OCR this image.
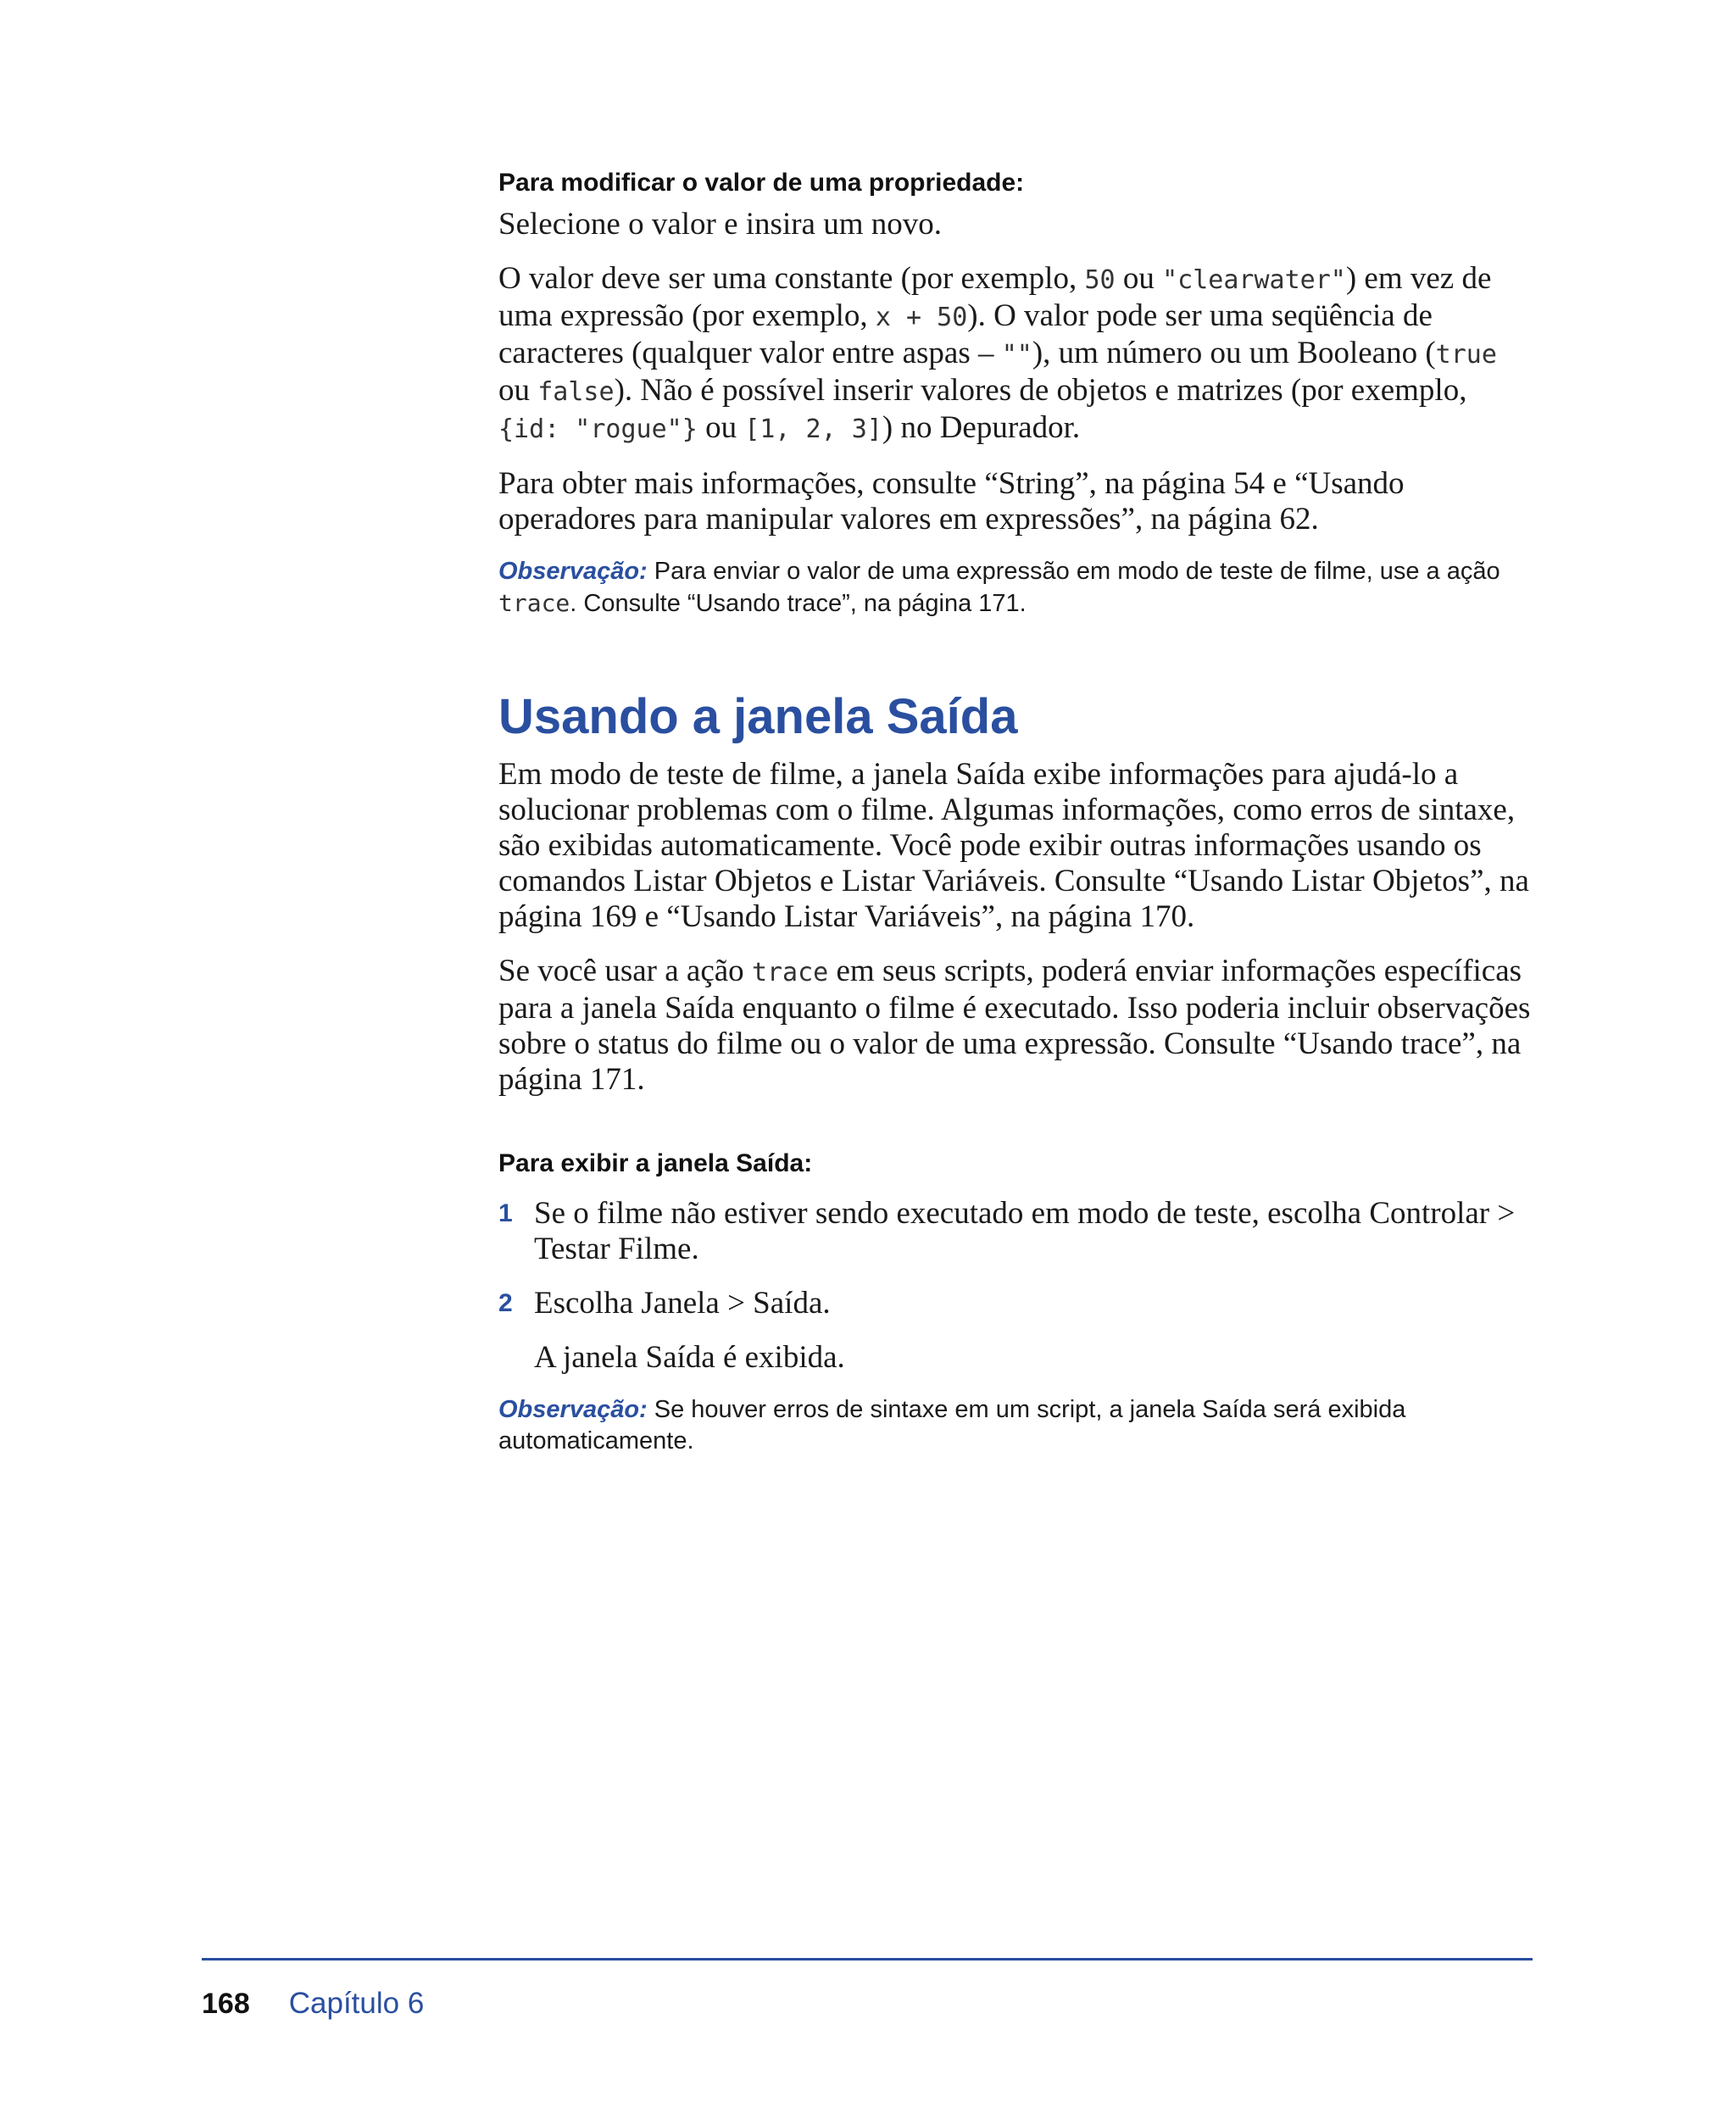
Para modificar o valor de uma propriedade:

Selecione o valor e insira um novo.

O valor deve ser uma constante (por exemplo, 50 ou "clearwater") em vez de uma expressão (por exemplo, x + 50). O valor pode ser uma seqüência de caracteres (qualquer valor entre aspas – ""), um número ou um Booleano (true ou false). Não é possível inserir valores de objetos e matrizes (por exemplo, {id: "rogue"} ou [1, 2, 3]) no Depurador.

Para obter mais informações, consulte “String”, na página 54 e “Usando operadores para manipular valores em expressões”, na página 62.

Observação: Para enviar o valor de uma expressão em modo de teste de filme, use a ação trace. Consulte “Usando trace”, na página 171.

Usando a janela Saída

Em modo de teste de filme, a janela Saída exibe informações para ajudá-lo a solucionar problemas com o filme. Algumas informações, como erros de sintaxe, são exibidas automaticamente. Você pode exibir outras informações usando os comandos Listar Objetos e Listar Variáveis. Consulte “Usando Listar Objetos”, na página 169 e “Usando Listar Variáveis”, na página 170.

Se você usar a ação trace em seus scripts, poderá enviar informações específicas para a janela Saída enquanto o filme é executado. Isso poderia incluir observações sobre o status do filme ou o valor de uma expressão. Consulte “Usando trace”, na página 171.

Para exibir a janela Saída:
1 Se o filme não estiver sendo executado em modo de teste, escolha Controlar > Testar Filme.
2 Escolha Janela > Saída.

A janela Saída é exibida.

Observação: Se houver erros de sintaxe em um script, a janela Saída será exibida automaticamente.

168 Capítulo 6
